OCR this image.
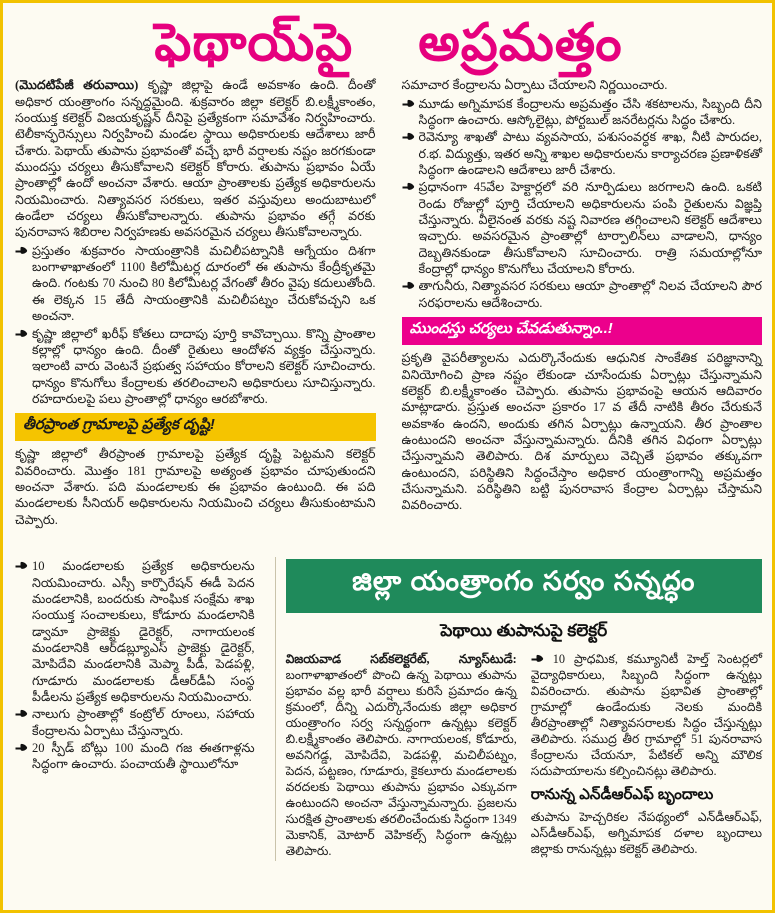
ఫెథాయ్‌పై అప్రమత్తం

(మొదటిపేజీ తరువాయి) కృష్ణా జిల్లాపై ఉండే అవకాశం ఉంది. దీంతో అధికార యంత్రాంగం సన్నద్ధమైంది. శుక్రవారం జిల్లా కలెక్టర్ బి.లక్ష్మీకాంతం, సంయుక్త కలెక్టర్ విజయకృష్ణన్ దీనిపై ప్రత్యేకంగా సమావేశం నిర్వహించారు. టెలీకాన్ఫరెన్సులు నిర్వహించి మండల స్థాయి అధికారులకు ఆదేశాలు జారీ చేశారు. పెథాయ్ తుపాను ప్రభావంతో వచ్చే భారీ వర్షాలకు నష్టం జరగకుండా ముందస్తు చర్యలు తీసుకోవాలని కలెక్టర్ కోరారు. తుపాను ప్రభావం ఏయే ప్రాంతాల్లో ఉందో అంచనా వేశారు. ఆయా ప్రాంతాలకు ప్రత్యేక అధికారులను నియమించారు. నిత్యావసర సరకులు, ఇతర వస్తువులు అందుబాటులో ఉండేలా చర్యలు తీసుకోవాలన్నారు. తుపాను ప్రభావం తగ్గే వరకు పునరావాస శిబిరాల నిర్వహణకు అవసరమైన చర్యలు తీసుకోవాలన్నారు.

ప్రస్తుతం శుక్రవారం సాయంత్రానికి మచిలీపట్నానికి ఆగ్నేయం దిశగా బంగాళాఖాతంలో 1100 కిలోమీటర్ల దూరంలో ఈ తుపాను కేంద్రీకృతమై ఉంది. గంటకు 70 నుంచి 80 కిలోమీటర్ల వేగంతో తీరం వైపు కదులుతోంది. ఈ లెక్కన 15 తేదీ సాయంత్రానికి మచిలీపట్నం చేరుకోవచ్చని ఒక అంచనా.

కృష్ణా జిల్లాలో ఖరీఫ్ కోతలు దాదాపు పూర్తి కావొచ్చాయి. కొన్ని ప్రాంతాల కల్లాల్లో ధాన్యం ఉంది. దీంతో రైతులు ఆందోళన వ్యక్తం చేస్తున్నారు. ఇలాంటి వారు వెంటనే ప్రభుత్వ సహాయం కోరాలని కలెక్టర్ సూచించారు. ధాన్యం కొనుగోలు కేంద్రాలకు తరలించాలని అధికారులు సూచిస్తున్నారు. రహదారులపై పలు ప్రాంతాల్లో ధాన్యం ఆరబోశారు.

తీరప్రాంత గ్రామాలపై ప్రత్యేక దృష్టి!

కృష్ణా జిల్లాలో తీరప్రాంత గ్రామాలపై ప్రత్యేక దృష్టి పెట్టమని కలెక్టర్ వివరించారు. మొత్తం 181 గ్రామాలపై అత్యంత ప్రభావం చూపుతుందని అంచనా వేశారు. పది మండలాలకు ఈ ప్రభావం ఉంటుంది. ఈ పది మండలాలకు సీనియర్ అధికారులను నియమించి చర్యలు తీసుకుంటామని చెప్పారు.

సమాచార కేంద్రాలను ఏర్పాటు చేయాలని నిర్ణయించారు.

మూడు అగ్నిమాపక కేంద్రాలను అప్రమత్తం చేసి శకటాలను, సిబ్బంది దీని సిద్ధంగా ఉంచారు. ఆస్కోలైట్లు, పోర్టబుల్ జనరేటర్లను సిద్ధం చేశారు.

రెవెన్యూ శాఖతో పాటు వ్యవసాయ, పశుసంవర్ధక శాఖ, నీటి పారుదల, ర.భ. విద్యుత్తు, ఇతర అన్ని శాఖల అధికారులను కార్యాచరణ ప్రణాళికతో సిద్ధంగా ఉండాలని ఆదేశాలు జారీ చేశారు.

ప్రధానంగా 45వేల హెక్టార్లలో వరి నూర్పిడులు జరగాలని ఉంది. ఒకటి రెండు రోజుల్లో పూర్తి చేయాలని అధికారులను పంపి రైతులను విజ్ఞప్తి చేస్తున్నారు. వీలైనంత వరకు నష్ట నివారణ తగ్గించాలని కలెక్టర్ ఆదేశాలు ఇచ్చారు. అవసరమైన ప్రాంతాల్లో టార్పాలిన్‌లు వాడాలని, ధాన్యం దెబ్బతినకుండా తీసుకోవాలని సూచించారు. రాత్రి సమయాల్లోనూ కేంద్రాల్లో ధాన్యం కొనుగోలు చేయాలని కోరారు.

తాగునీరు, నిత్యావసర సరకులు ఆయా ప్రాంతాల్లో నిలవ చేయాలని పౌర సరఫరాలను ఆదేశించారు.

ముందస్తు చర్యలు చేవడుతున్నాం..!

ప్రకృతి వైపరీత్యాలను ఎదుర్కొనేందుకు ఆధునిక సాంకేతిక పరిజ్ఞానాన్ని వినియోగించి ప్రాణ నష్టం లేకుండా చూసేందుకు ఏర్పాట్లు చేస్తున్నామని కలెక్టర్ బి.లక్ష్మీకాంతం చెప్పారు. తుపాను ప్రభావంపై ఆయన ఆదివారం మాట్లాడారు. ప్రస్తుత అంచనా ప్రకారం 17 వ తేదీ నాటికి తీరం చేరుకునే అవకాశం ఉందని, అందుకు తగిన ఏర్పాట్లు ఉన్నాయని. తీర ప్రాంతాల ఉంటుందని అంచనా వేస్తున్నామన్నారు. దీనికి తగిన విధంగా ఏర్పాట్లు చేస్తున్నామని తెలిపారు. దిశ మార్పులు వెచ్చితే ప్రభావం తక్కువగా ఉంటుందని, పరిస్థితిని సిద్ధంచేస్తాం అధికార యంత్రాంగాన్ని అప్రమత్తం చేసున్నామని. పరిస్థితిని బట్టి పునరావాస కేంద్రాల ఏర్పాట్లు చేస్తామని వివరించారు.

10 మండలాలకు ప్రత్యేక అధికారులను నియమించారు. ఎస్సీ కార్పొరేషన్ ఈడీ పెదన మండలానికి, బందరుకు సాంఘిక సంక్షేమ శాఖ సంయుక్త సంచాలకులు, కోడూరు మండలానికి డ్వామా ప్రాజెక్టు డైరెక్టర్, నాగాయలంక మండలానికి ఆర్‌డబ్ల్యూఎస్ ప్రాజెక్టు డైరెక్టర్, మోపిదేవి మండలానికి మెప్మా పీడీ, పెడపళ్లి, గూడూరు మండలాలకు డీఆర్‌డీఏ సంస్థ పీడీలను ప్రత్యేక అధికారులను నియమించారు.

నాలుగు ప్రాంతాల్లో కంట్రోల్ రూంలు, సహాయ కేంద్రాలను ఏర్పాటు చేస్తున్నారు.

20 స్పీడ్ బోట్లు 100 మంది గజ ఈతగాళ్లను సిద్ధంగా ఉంచారు. పంచాయతీ స్థాయిలోనూ

జిల్లా యంత్రాంగం సర్వం సన్నద్ధం
పెథాయి తుపానుపై కలెక్టర్

విజయవాడ సబ్‌కలెక్టరేట్, న్యూస్‌టుడే: బంగాళాఖాతంలో పొంచి ఉన్న పెథాయి తుపాను ప్రభావం వల్ల భారీ వర్షాలు కురిసే ప్రమాదం ఉన్న క్రమంలో, దీన్ని ఎదుర్కొనేందుకు జిల్లా అధికార యంత్రాంగం సర్వ సన్నద్ధంగా ఉన్నట్లు కలెక్టర్ బి.లక్ష్మీకాంతం తెలిపారు. నాగాయలంక, కోడూరు, అవనిగడ్డ, మోపిదేవి, పెడపళ్లి, మచిలీపట్నం, పెదన, పట్టణం, గూడూరు, కైకలూరు మండలాలకు వరదలకు పెథాయి తుపాను ప్రభావం ఎక్కువగా ఉంటుందని అంచనా వేస్తున్నామన్నారు. ప్రజలను సురక్షిత ప్రాంతాలకు తరలించేందుకు సిద్ధంగా 1349 మెకానిక్, మోటార్ వెహికల్స్ సిద్ధంగా ఉన్నట్లు తెలిపారు.

10 ప్రాధమిక, కమ్యూనిటీ హెల్త్ సెంటర్లలో వైద్యాధికారులు, సిబ్బంది సిద్ధంగా ఉన్నట్లు వివరించారు. తుపాను ప్రభావిత ప్రాంతాల్లో గ్రామాల్లో ఉండేందుకు నెలకు మందికి తీరప్రాంతాల్లో నిత్యావసరాలకు సిద్ధం చేస్తున్నట్లు తెలిపారు. సముద్ర తీర గ్రామాల్లో 51 పునరావాస కేంద్రాలను చేయనూ, పేటికల్ అన్ని మౌలిక సదుపాయాలను కల్పించినట్లు తెలిపారు.

రానున్న ఎన్‌డీఆర్‌ఎఫ్ బృందాలు

తుపాను హెచ్చరికల నేపథ్యంలో ఎన్‌డీఆర్‌ఎఫ్, ఎస్‌డీఆర్‌ఎఫ్, అగ్నిమాపక దళాల బృందాలు జిల్లాకు రానున్నట్లు కలెక్టర్ తెలిపారు.
